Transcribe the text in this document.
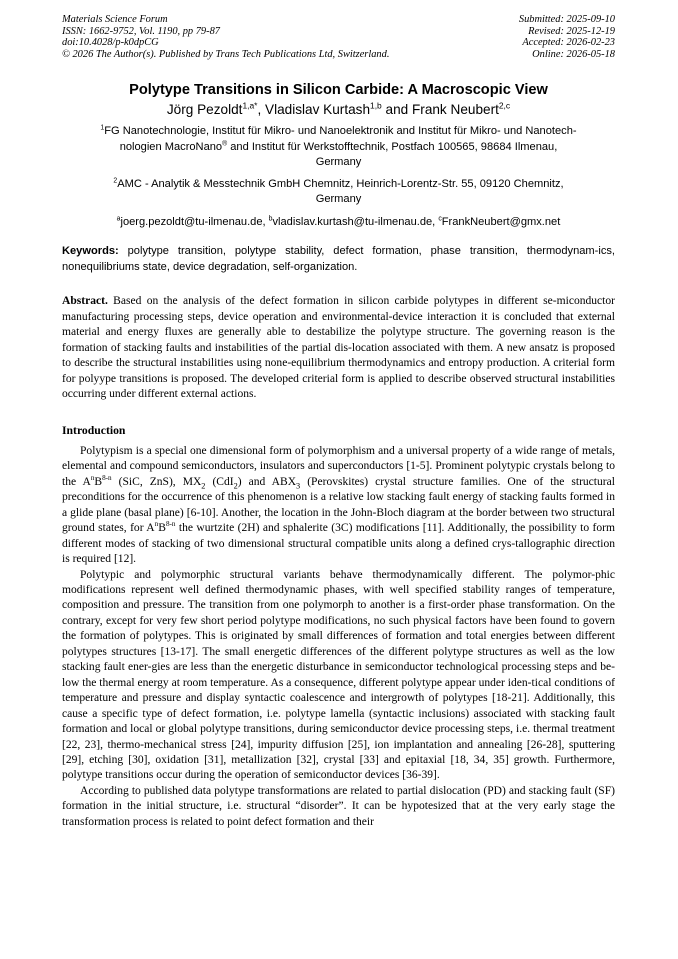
Materials Science Forum
ISSN: 1662-9752, Vol. 1190, pp 79-87
doi:10.4028/p-k0dpCG
© 2026 The Author(s). Published by Trans Tech Publications Ltd, Switzerland.
Submitted: 2025-09-10
Revised: 2025-12-19
Accepted: 2026-02-23
Online: 2026-05-18
Polytype Transitions in Silicon Carbide: A Macroscopic View
Jörg Pezoldt$^{1,a*}$, Vladislav Kurtash$^{1,b}$ and Frank Neubert$^{2,c}$
$^1$FG Nanotechnologie, Institut für Mikro- und Nanoelektronik and Institut für Mikro- und Nanotech-
nologien MacroNano® and Institut für Werkstofftechnik, Postfach 100565, 98684 Ilmenau,
Germany
$^2$AMC - Analytik & Messtechnik GmbH Chemnitz, Heinrich-Lorentz-Str. 55, 09120 Chemnitz,
Germany
$^a$joerg.pezoldt@tu-ilmenau.de, $^b$vladislav.kurtash@tu-ilmenau.de, $^c$FrankNeubert@gmx.net
Keywords: polytype transition, polytype stability, defect formation, phase transition, thermodynam-ics, nonequilibriums state, device degradation, self-organization.
Abstract. Based on the analysis of the defect formation in silicon carbide polytypes in different se-miconductor manufacturing processing steps, device operation and environmental-device interaction it is concluded that external material and energy fluxes are generally able to destabilize the polytype structure. The governing reason is the formation of stacking faults and instabilities of the partial dis-location associated with them. A new ansatz is proposed to describe the structural instabilities using none-equilibrium thermodynamics and entropy production. A criterial form for polyype transitions is proposed. The developed criterial form is applied to describe observed structural instabilities occurring under different external actions.
Introduction

Polytypism is a special one dimensional form of polymorphism and a universal property of a wide range of metals, elemental and compound semiconductors, insulators and superconductors [1-5]. Prominent polytypic crystals belong to the $A^nB^{8-n}$ (SiC, ZnS), $MX_2$ (CdI$_2$) and $ABX_3$ (Perovskites) crystal structure families. One of the structural preconditions for the occurrence of this phenomenon is a relative low stacking fault energy of stacking faults formed in a glide plane (basal plane) [6-10]. Another, the location in the John-Bloch diagram at the border between two structural ground states, for $A^nB^{8-n}$ the wurtzite (2H) and sphalerite (3C) modifications [11]. Additionally, the possibility to form different modes of stacking of two dimensional structural compatible units along a defined crys-tallographic direction is required [12].

Polytypic and polymorphic structural variants behave thermodynamically different. The polymor-phic modifications represent well defined thermodynamic phases, with well specified stability ranges of temperature, composition and pressure. The transition from one polymorph to another is a first-order phase transformation. On the contrary, except for very few short period polytype modifications, no such physical factors have been found to govern the formation of polytypes. This is originated by small differences of formation and total energies between different polytypes structures [13-17]. The small energetic differences of the different polytype structures as well as the low stacking fault ener-gies are less than the energetic disturbance in semiconductor technological processing steps and be-low the thermal energy at room temperature. As a consequence, different polytype appear under iden-tical conditions of temperature and pressure and display syntactic coalescence and intergrowth of polytypes [18-21]. Additionally, this cause a specific type of defect formation, i.e. polytype lamella (syntactic inclusions) associated with stacking fault formation and local or global polytype transitions, during semiconductor device processing steps, i.e. thermal treatment [22, 23], thermo-mechanical stress [24], impurity diffusion [25], ion implantation and annealing [26-28], sputtering [29], etching [30], oxidation [31], metallization [32], crystal [33] and epitaxial [18, 34, 35] growth. Furthermore, polytype transitions occur during the operation of semiconductor devices [36-39].

According to published data polytype transformations are related to partial dislocation (PD) and stacking fault (SF) formation in the initial structure, i.e. structural “disorder”. It can be hypotesized that at the very early stage the transformation process is related to point defect formation and their
